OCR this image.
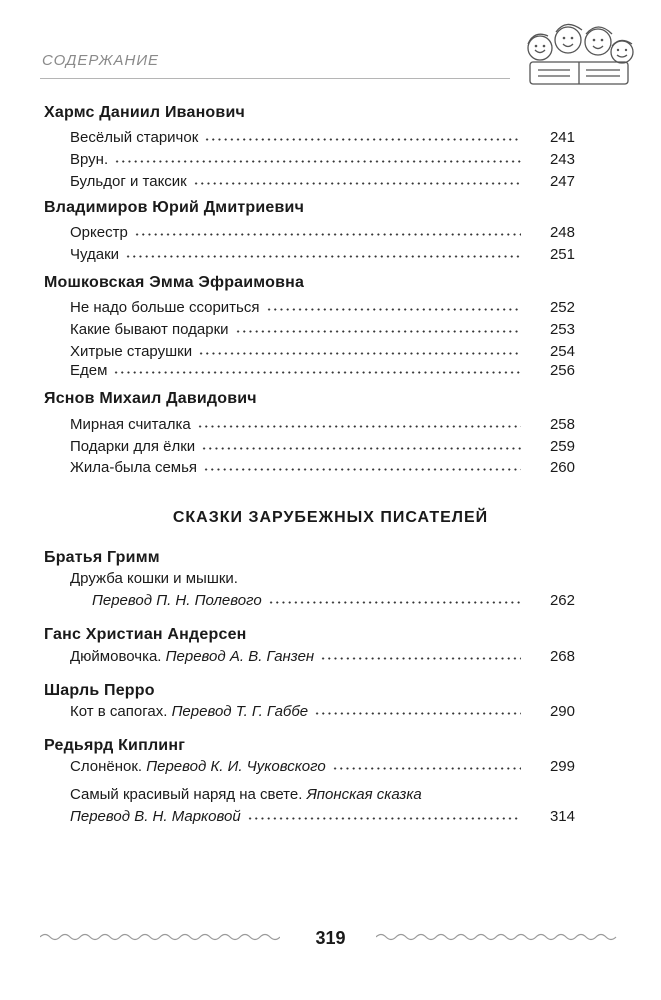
СОДЕРЖАНИЕ
Хармс Даниил Иванович
Весёлый старичок	241
Врун.	243
Бульдог и таксик	247
Владимиров Юрий Дмитриевич
Оркестр	248
Чудаки	251
Мошковская Эмма Эфраимовна
Не надо больше ссориться	252
Какие бывают подарки	253
Хитрые старушки	254
Едем	256
Яснов Михаил Давидович
Мирная считалка	258
Подарки для ёлки	259
Жила-была семья	260
СКАЗКИ ЗАРУБЕЖНЫХ ПИСАТЕЛЕЙ
Братья Гримм
Дружба кошки и мышки.
Перевод П. Н. Полевого	262
Ганс Христиан Андерсен
Дюймовочка. Перевод А. В. Ганзен	268
Шарль Перро
Кот в сапогах. Перевод Т. Г. Габбе	290
Редьярд Киплинг
Слонёнок. Перевод К. И. Чуковского	299
Самый красивый наряд на свете. Японская сказка
Перевод В. Н. Марковой	314
319
